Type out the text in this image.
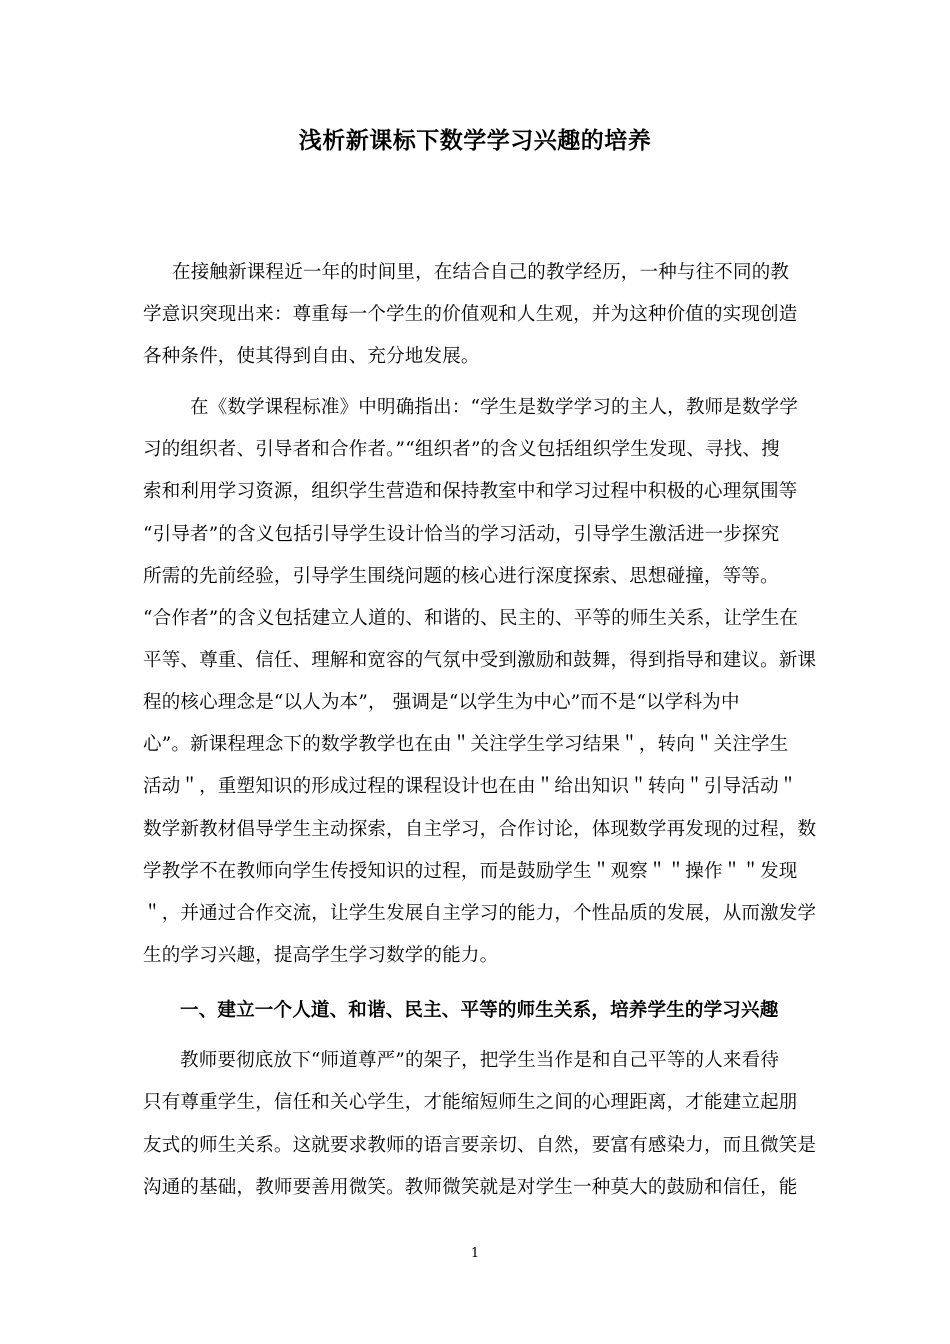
浅析新课标下数学学习兴趣的培养
在接触新课程近一年的时间里，在结合自己的教学经历，一种与往不同的教
学意识突现出来：尊重每一个学生的价值观和人生观，并为这种价值的实现创造
各种条件，使其得到自由、充分地发展。
在《数学课程标准》中明确指出：“学生是数学学习的主人，教师是数学学
习的组织者、引导者和合作者。”“组织者”的含义包括组织学生发现、寻找、搜
索和利用学习资源，组织学生营造和保持教室中和学习过程中积极的心理氛围等
“引导者”的含义包括引导学生设计恰当的学习活动，引导学生激活进一步探究
所需的先前经验，引导学生围绕问题的核心进行深度探索、思想碰撞，等等。
“合作者”的含义包括建立人道的、和谐的、民主的、平等的师生关系，让学生在
平等、尊重、信任、理解和宽容的气氛中受到激励和鼓舞，得到指导和建议。新课
程的核心理念是“以人为本”， 强调是“以学生为中心”而不是“以学科为中
心”。新课程理念下的数学教学也在由＂关注学生学习结果＂，转向＂关注学生
活动＂，重塑知识的形成过程的课程设计也在由＂给出知识＂转向＂引导活动＂
数学新教材倡导学生主动探索，自主学习，合作讨论，体现数学再发现的过程，数
学教学不在教师向学生传授知识的过程，而是鼓励学生＂观察＂＂操作＂＂发现
＂，并通过合作交流，让学生发展自主学习的能力，个性品质的发展，从而激发学
生的学习兴趣，提高学生学习数学的能力。
一、建立一个人道、和谐、民主、平等的师生关系，培养学生的学习兴趣
教师要彻底放下“师道尊严”的架子，把学生当作是和自己平等的人来看待
只有尊重学生，信任和关心学生，才能缩短师生之间的心理距离，才能建立起朋
友式的师生关系。这就要求教师的语言要亲切、自然，要富有感染力，而且微笑是
沟通的基础，教师要善用微笑。教师微笑就是对学生一种莫大的鼓励和信任，能
1
